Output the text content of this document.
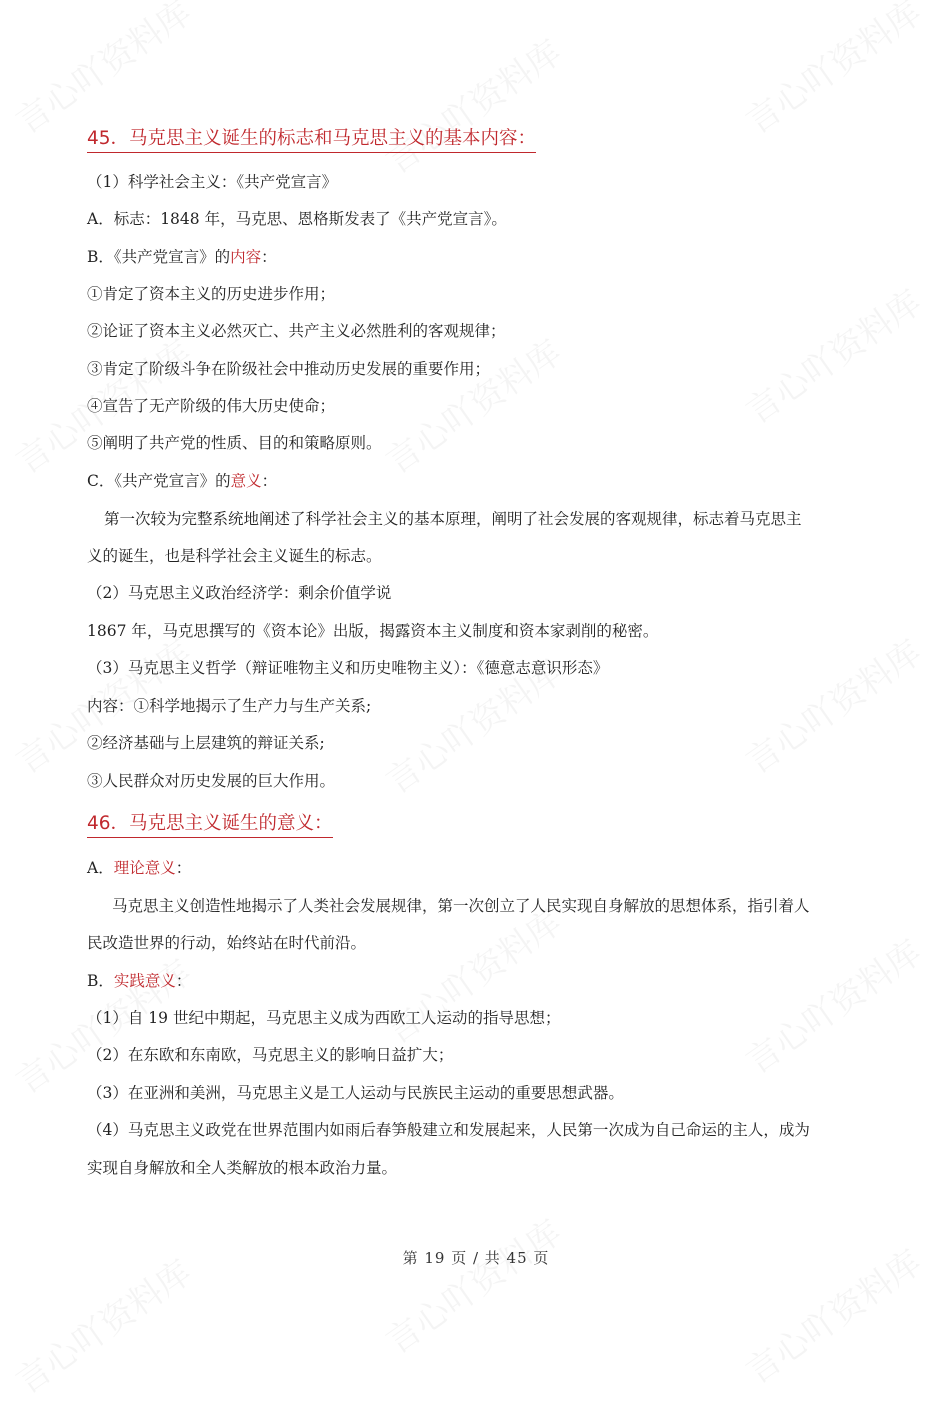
45．马克思主义诞生的标志和马克思主义的基本内容：
（1）科学社会主义：《共产党宣言》
A．标志：1848 年，马克思、恩格斯发表了《共产党宣言》。
B．《共产党宣言》的内容：
①肯定了资本主义的历史进步作用；
②论证了资本主义必然灭亡、共产主义必然胜利的客观规律；
③肯定了阶级斗争在阶级社会中推动历史发展的重要作用；
④宣告了无产阶级的伟大历史使命；
⑤阐明了共产党的性质、目的和策略原则。
C．《共产党宣言》的意义：
第一次较为完整系统地阐述了科学社会主义的基本原理，阐明了社会发展的客观规律，标志着马克思主
义的诞生，也是科学社会主义诞生的标志。
（2）马克思主义政治经济学：剩余价值学说
1867 年，马克思撰写的《资本论》出版，揭露资本主义制度和资本家剥削的秘密。
（3）马克思主义哲学（辩证唯物主义和历史唯物主义）：《德意志意识形态》
内容：①科学地揭示了生产力与生产关系;
②经济基础与上层建筑的辩证关系;
③人民群众对历史发展的巨大作用。
46．马克思主义诞生的意义：
A．理论意义：
马克思主义创造性地揭示了人类社会发展规律，第一次创立了人民实现自身解放的思想体系，指引着人
民改造世界的行动，始终站在时代前沿。
B．实践意义：
（1）自 19 世纪中期起，马克思主义成为西欧工人运动的指导思想；
（2）在东欧和东南欧，马克思主义的影响日益扩大；
（3）在亚洲和美洲，马克思主义是工人运动与民族民主运动的重要思想武器。
（4）马克思主义政党在世界范围内如雨后春笋般建立和发展起来，人民第一次成为自己命运的主人，成为
实现自身解放和全人类解放的根本政治力量。
第 19 页 / 共 45 页
